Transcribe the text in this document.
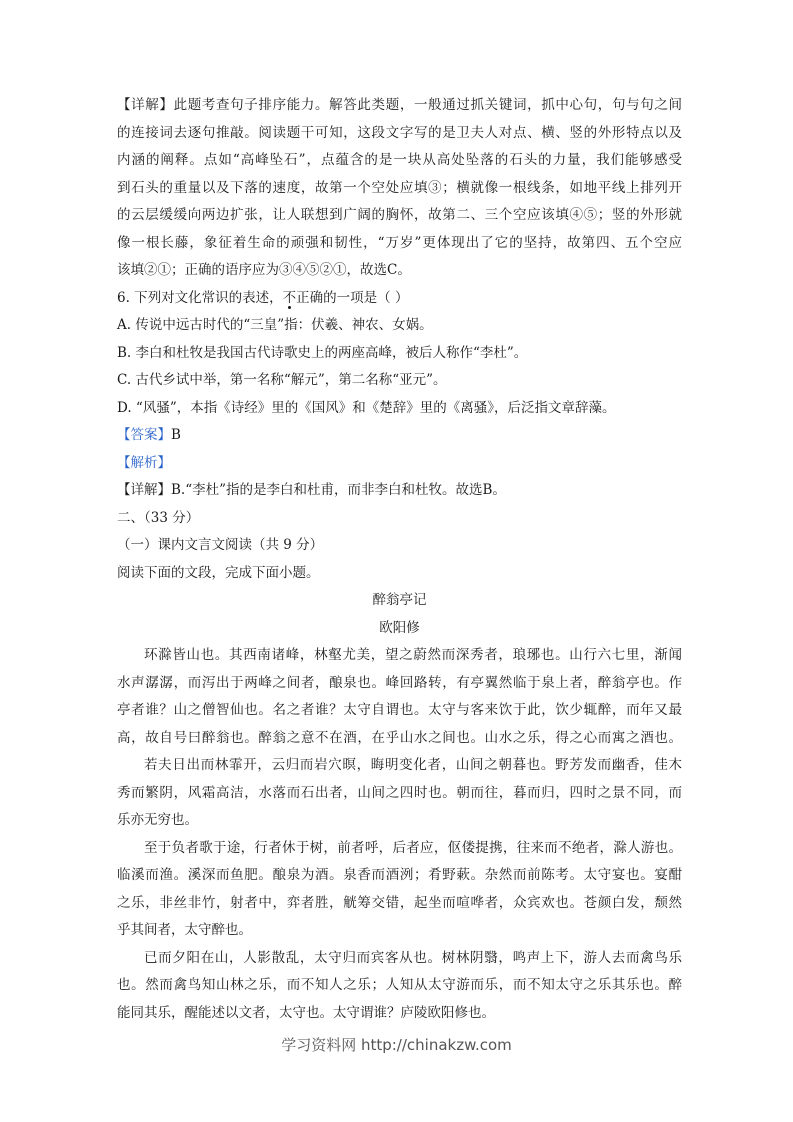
【详解】此题考查句子排序能力。解答此类题，一般通过抓关键词，抓中心句，句与句之间

的连接词去逐句推敲。阅读题干可知，这段文字写的是卫夫人对点、横、竖的外形特点以及

内涵的阐释。点如“高峰坠石”，点蕴含的是一块从高处坠落的石头的力量，我们能够感受

到石头的重量以及下落的速度，故第一个空处应填③；横就像一根线条，如地平线上排列开

的云层缓缓向两边扩张，让人联想到广阔的胸怀，故第二、三个空应该填④⑤；竖的外形就

像一根长藤，象征着生命的顽强和韧性，“万岁”更体现出了它的坚持，故第四、五个空应

该填②①；正确的语序应为③④⑤②①，故选C。

6. 下列对文化常识的表述，不正确的一项是（ ）

A. 传说中远古时代的“三皇”指：伏羲、神农、女娲。

B. 李白和杜牧是我国古代诗歌史上的两座高峰，被后人称作“李杜”。

C. 古代乡试中举，第一名称“解元”，第二名称“亚元”。

D. “风骚”，本指《诗经》里的《国风》和《楚辞》里的《离骚》，后泛指文章辞藻。

【答案】B

【解析】

【详解】B.“李杜”指的是李白和杜甫，而非李白和杜牧。故选B。

二、（33 分）

（一）课内文言文阅读（共 9 分）

阅读下面的文段，完成下面小题。

醉翁亭记

欧阳修

环滁皆山也。其西南诸峰，林壑尤美，望之蔚然而深秀者，琅琊也。山行六七里，渐闻

水声潺潺，而泻出于两峰之间者，酿泉也。峰回路转，有亭翼然临于泉上者，醉翁亭也。作

亭者谁？山之僧智仙也。名之者谁？太守自谓也。太守与客来饮于此，饮少辄醉，而年又最

高，故自号曰醉翁也。醉翁之意不在酒，在乎山水之间也。山水之乐，得之心而寓之酒也。

若夫日出而林霏开，云归而岩穴暝，晦明变化者，山间之朝暮也。野芳发而幽香，佳木

秀而繁阴，风霜高洁，水落而石出者，山间之四时也。朝而往，暮而归，四时之景不同，而

乐亦无穷也。

至于负者歌于途，行者休于树，前者呼，后者应，伛偻提携，往来而不绝者，滁人游也。

临溪而渔。溪深而鱼肥。酿泉为酒。泉香而酒洌；肴野蔌。杂然而前陈考。太守宴也。宴酣

之乐，非丝非竹，射者中，弈者胜，觥筹交错，起坐而喧哗者，众宾欢也。苍颜白发，颓然

乎其间者，太守醉也。

已而夕阳在山，人影散乱，太守归而宾客从也。树林阴翳，鸣声上下，游人去而禽鸟乐

也。然而禽鸟知山林之乐，而不知人之乐；人知从太守游而乐，而不知太守之乐其乐也。醉

能同其乐，醒能述以文者，太守也。太守谓谁？庐陵欧阳修也。

学习资料网 http://chinakzw.com
